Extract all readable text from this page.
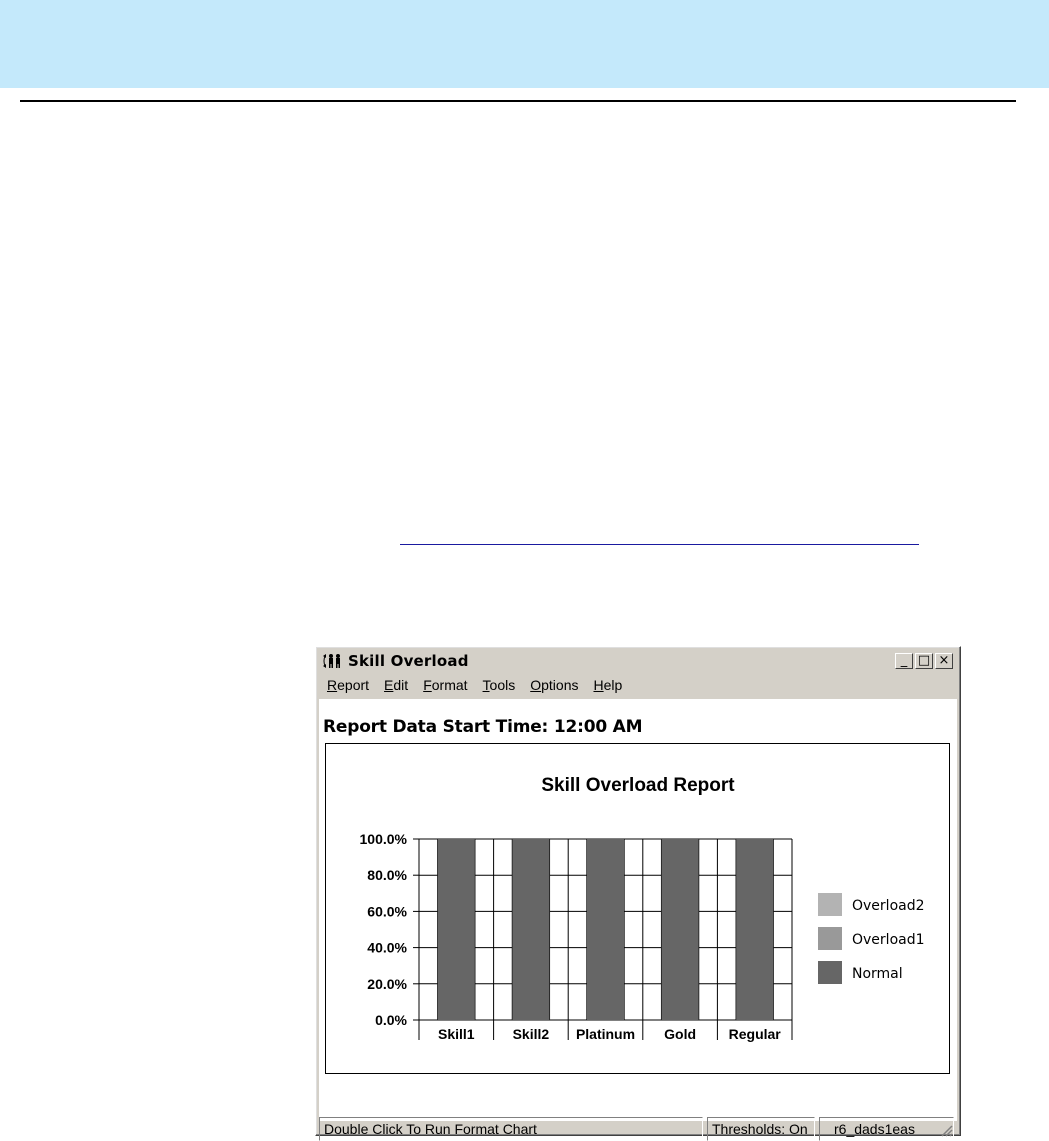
Skill Overload	_ □ ×
Report	Edit	Format	Tools	Options	Help
Report Data Start Time: 12:00 AM
Skill Overload Report
0.0%
20.0%
40.0%
60.0%
80.0%
100.0%
Skill1	Skill2 Platinum Gold Regular
Overload2
Overload1
Normal
Double Click To Run Format Chart	Thresholds: On	r6_dads1eas
